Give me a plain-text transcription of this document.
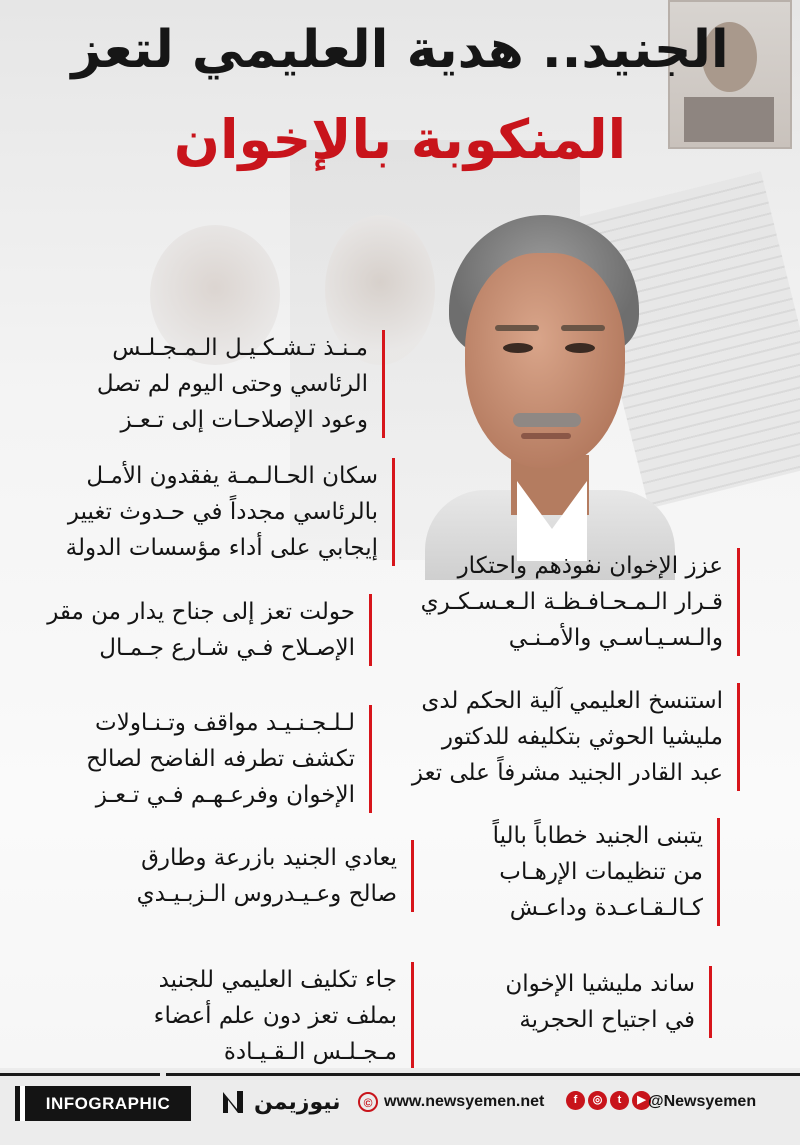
الجنيد.. هدية العليمي لتعز
المنكوبة بالإخوان
مـنـذ تـشـكـيـل الـمـجـلـس
الرئاسي وحتى اليوم لم تصل
وعود الإصلاحـات إلى تـعـز
سكان الحـالـمـة يفقدون الأمـل
بالرئاسي مجدداً في حـدوث تغيير
إيجابي على أداء مؤسسات الدولة
حولت تعز إلى جناح يدار من مقر
الإصـلاح فـي شـارع جـمـال
لـلـجـنـيـد مواقف وتـنـاولات
تكشف تطرفه الفاضح لصالح
الإخوان وفرعـهـم فـي تـعـز
يعادي الجنيد بازرعة وطارق
صالح وعـيـدروس الـزبـيـدي
جاء تكليف العليمي للجنيد
بملف تعز دون علم أعضاء
مـجـلـس الـقـيـادة
عزز الإخوان نفوذهم واحتكار
قـرار الـمـحـافـظـة الـعـسـكـري
والـسـيـاسـي والأمـنـي
استنسخ العليمي آلية الحكم لدى
مليشيا الحوثي بتكليفه للدكتور
عبد القادر الجنيد مشرفاً على تعز
يتبنى الجنيد خطاباً بالياً
من تنظيمات الإرهـاب
كـالـقـاعـدة وداعـش
ساند مليشيا الإخوان
في اجتياح الحجرية
INFOGRAPHIC	نيوزيمن	© www.newsyemen.net	f	◎	t	▶ @Newsyemen
